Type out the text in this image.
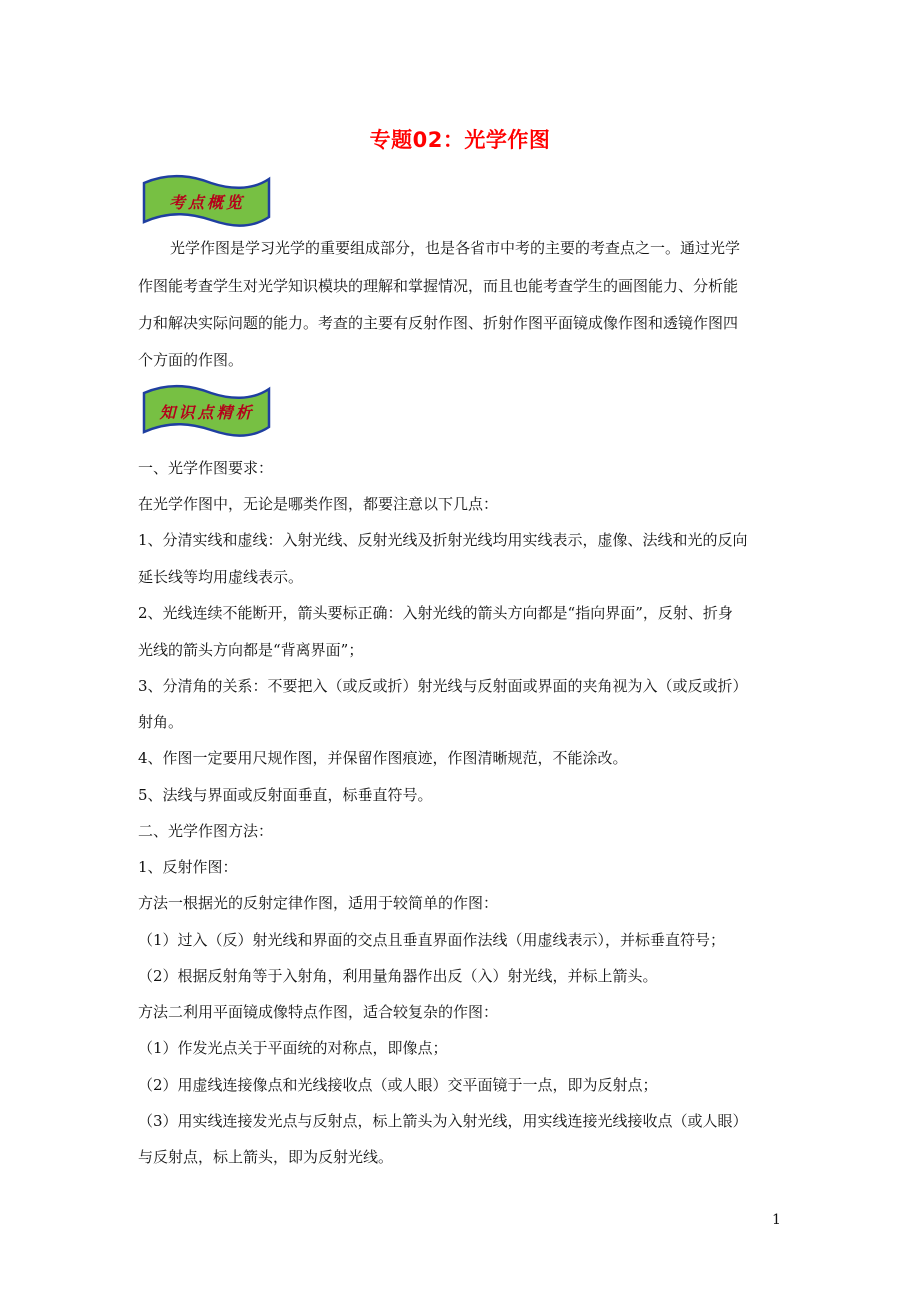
专题02：光学作图
考点概览
知识点精析
光学作图是学习光学的重要组成部分，也是各省市中考的主要的考查点之一。通过光学
作图能考查学生对光学知识模块的理解和掌握情况，而且也能考查学生的画图能力、分析能
力和解决实际问题的能力。考查的主要有反射作图、折射作图平面镜成像作图和透镜作图四
个方面的作图。
一、光学作图要求：
在光学作图中，无论是哪类作图，都要注意以下几点：
1、分清实线和虚线：入射光线、反射光线及折射光线均用实线表示，虚像、法线和光的反向
延长线等均用虚线表示。
2、光线连续不能断开，箭头要标正确：入射光线的箭头方向都是“指向界面”，反射、折身
光线的箭头方向都是“背离界面”；
3、分清角的关系：不要把入（或反或折）射光线与反射面或界面的夹角视为入（或反或折）
射角。
4、作图一定要用尺规作图，并保留作图痕迹，作图清晰规范，不能涂改。
5、法线与界面或反射面垂直，标垂直符号。
二、光学作图方法：
1、反射作图：
方法一根据光的反射定律作图，适用于较简单的作图：
（1）过入（反）射光线和界面的交点且垂直界面作法线（用虚线表示），并标垂直符号；
（2）根据反射角等于入射角，利用量角器作出反（入）射光线，并标上箭头。
方法二利用平面镜成像特点作图，适合较复杂的作图：
（1）作发光点关于平面统的对称点，即像点；
（2）用虚线连接像点和光线接收点（或人眼）交平面镜于一点，即为反射点；
（3）用实线连接发光点与反射点，标上箭头为入射光线，用实线连接光线接收点（或人眼）
与反射点，标上箭头，即为反射光线。
1
